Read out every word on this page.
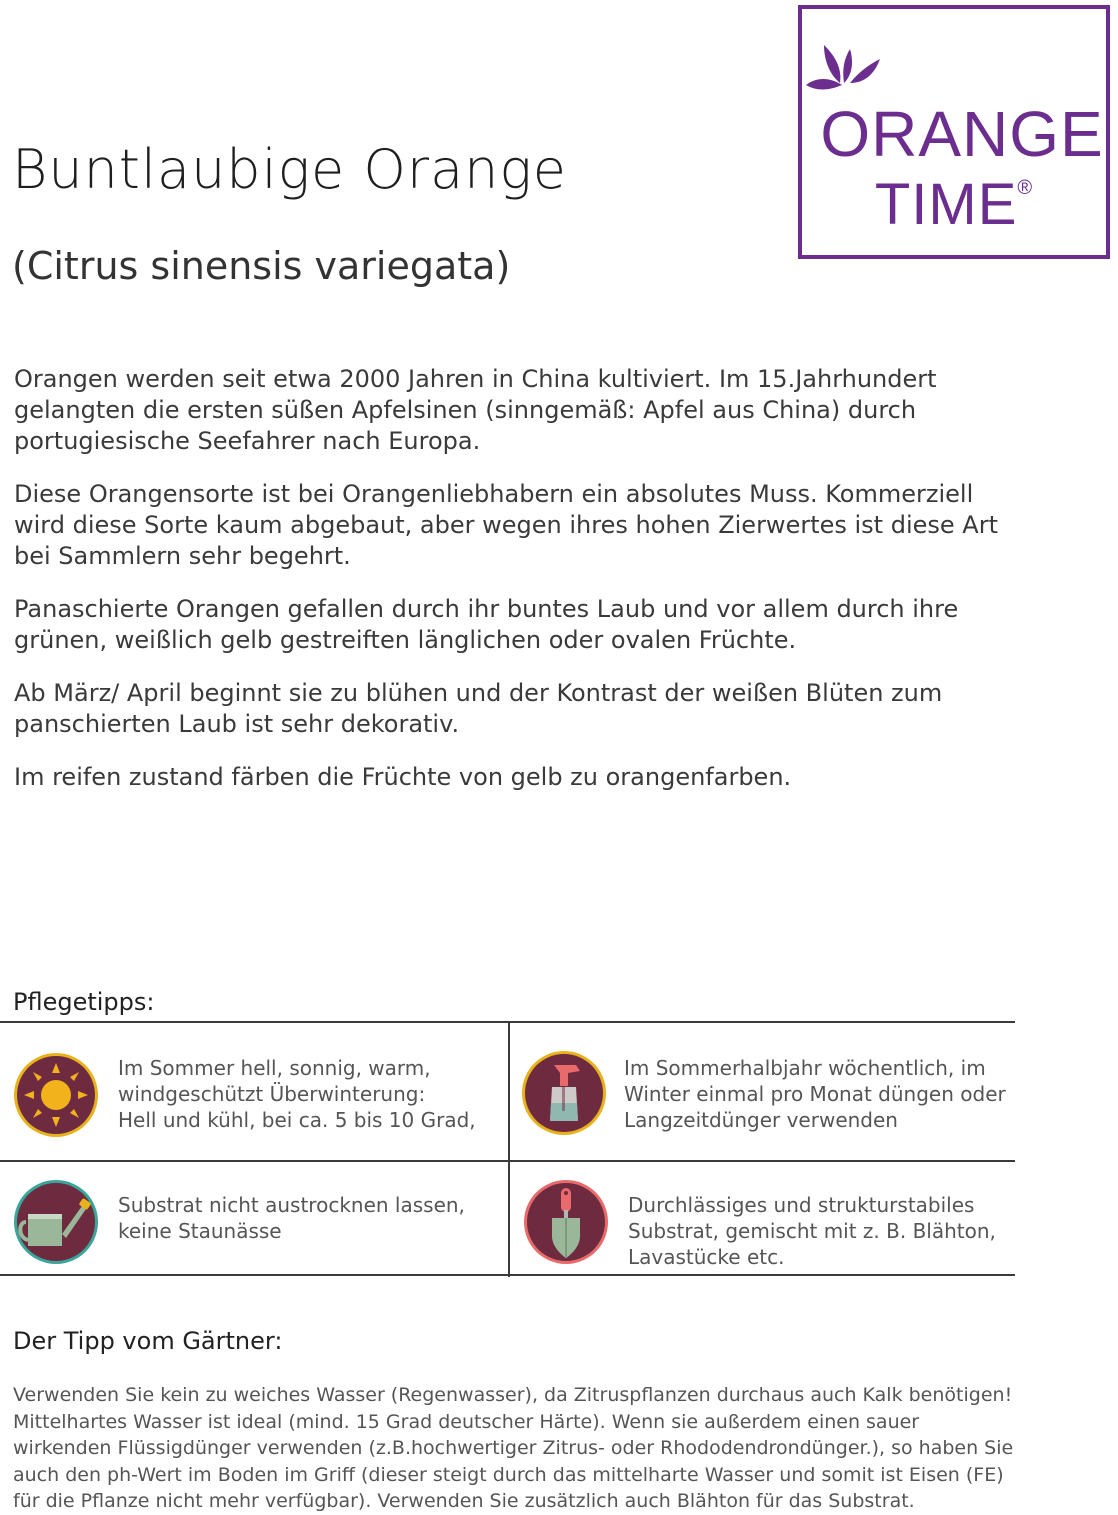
ORANGE
TIME®
Buntlaubige Orange
(Citrus sinensis variegata)

Orangen werden seit etwa 2000 Jahren in China kultiviert. Im 15.Jahrhundert gelangten die ersten süßen Apfelsinen (sinngemäß: Apfel aus China) durch portugiesische Seefahrer nach Europa.

Diese Orangensorte ist bei Orangenliebhabern ein absolutes Muss. Kommerziell wird diese Sorte kaum abgebaut, aber wegen ihres hohen Zierwertes ist diese Art bei Sammlern sehr begehrt.

Panaschierte Orangen gefallen durch ihr buntes Laub und vor allem durch ihre grünen, weißlich gelb gestreiften länglichen oder ovalen Früchte.

Ab März/ April beginnt sie zu blühen und der Kontrast der weißen Blüten zum panschierten Laub ist sehr dekorativ.

Im reifen zustand färben die Früchte von gelb zu orangenfarben.

Pflegetipps:
Im Sommer hell, sonnig, warm,
windgeschützt Überwinterung:
Hell und kühl, bei ca. 5 bis 10 Grad,
Im Sommerhalbjahr wöchentlich, im
Winter einmal pro Monat düngen oder
Langzeitdünger verwenden
Substrat nicht austrocknen lassen,
keine Staunässe
Durchlässiges und strukturstabiles
Substrat, gemischt mit z. B. Blähton,
Lavastücke etc.
Der Tipp vom Gärtner:

Verwenden Sie kein zu weiches Wasser (Regenwasser), da Zitruspflanzen durchaus auch Kalk benötigen! Mittelhartes Wasser ist ideal (mind. 15 Grad deutscher Härte). Wenn sie außerdem einen sauer wirkenden Flüssigdünger verwenden (z.B.hochwertiger Zitrus- oder Rhododendrondünger.), so haben Sie auch den ph-Wert im Boden im Griff (dieser steigt durch das mittelharte Wasser und somit ist Eisen (FE) für die Pflanze nicht mehr verfügbar). Verwenden Sie zusätzlich auch Blähton für das Substrat.
